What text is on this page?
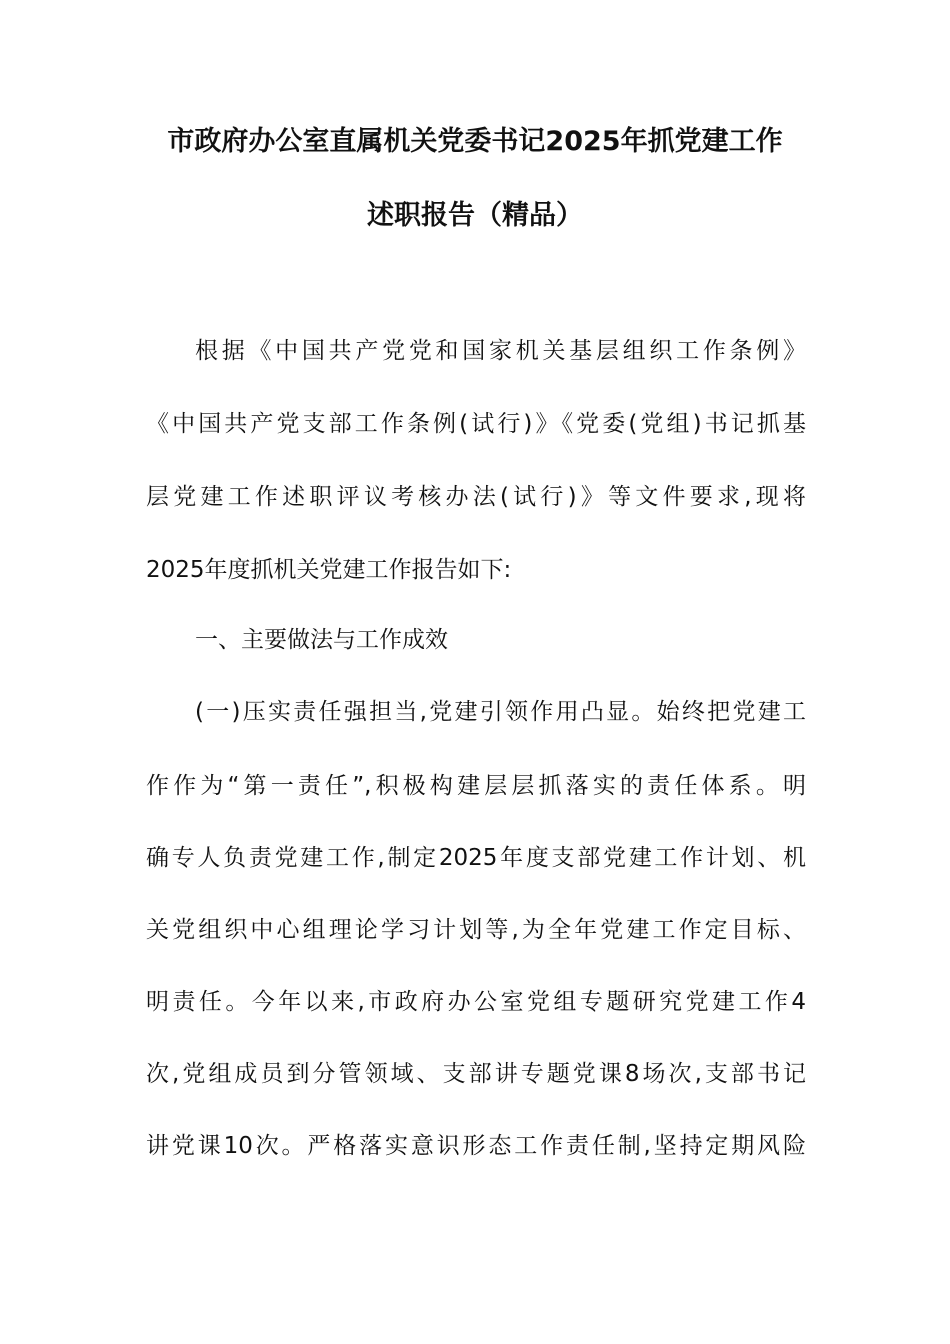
市政府办公室直属机关党委书记2025年抓党建工作
述职报告（精品）
根据《中国共产党党和国家机关基层组织工作条例》
《中国共产党支部工作条例(试行)》《党委(党组)书记抓基
层党建工作述职评议考核办法(试行)》等文件要求,现将
2025年度抓机关党建工作报告如下:
一、主要做法与工作成效
(一)压实责任强担当,党建引领作用凸显。始终把党建工
作作为“第一责任”,积极构建层层抓落实的责任体系。明
确专人负责党建工作,制定2025年度支部党建工作计划、机
关党组织中心组理论学习计划等,为全年党建工作定目标、
明责任。今年以来,市政府办公室党组专题研究党建工作4
次,党组成员到分管领域、支部讲专题党课8场次,支部书记
讲党课10次。严格落实意识形态工作责任制,坚持定期风险
